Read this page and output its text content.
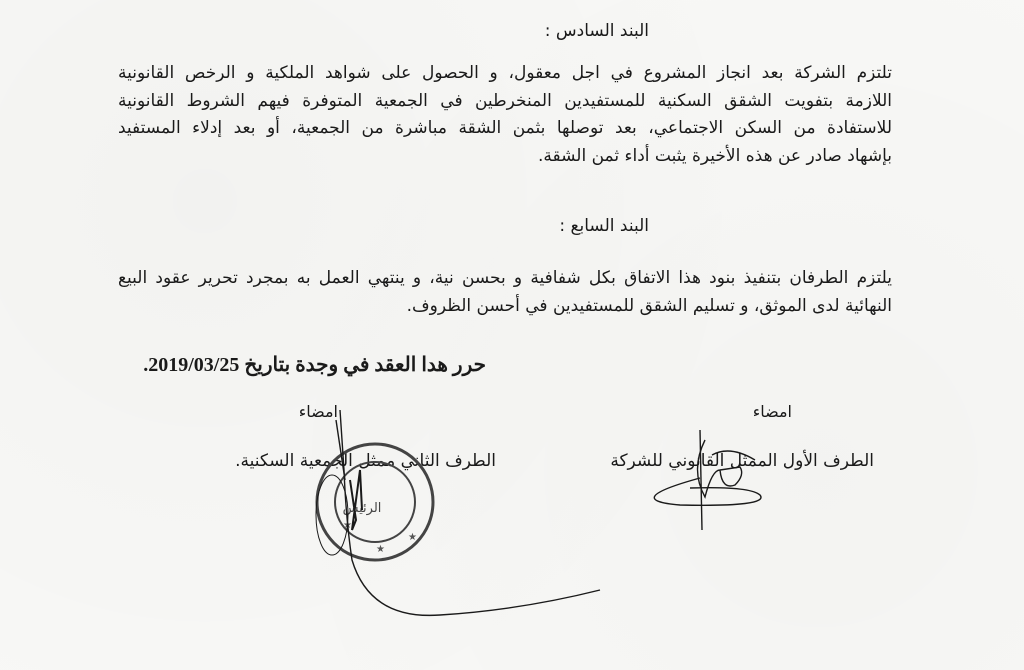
البند السادس :
تلتزم الشركة بعد انجاز المشروع في اجل معقول، و الحصول على شواهد الملكية و الرخص القانونية
اللازمة بتفويت الشقق السكنية للمستفيدين المنخرطين في الجمعية المتوفرة فيهم الشروط القانونية
للاستفادة من السكن الاجتماعي، بعد توصلها بثمن الشقة مباشرة من الجمعية، أو بعد إدلاء المستفيد
بإشهاد صادر عن هذه الأخيرة يثبت أداء ثمن الشقة.
البند السابع :
يلتزم الطرفان بتنفيذ بنود هذا الاتفاق بكل شفافية و بحسن نية، و ينتهي العمل به بمجرد تحرير عقود البيع
النهائية لدى الموثق، و تسليم الشقق للمستفيدين في أحسن الظروف.
حرر هدا العقد في وجدة بتاريخ 2019/03/25.
امضاء	امضاء
الطرف الأول الممثل القانوني للشركة
الطرف الثاني ممثل الجمعية السكنية.
الرئيس
★
★
★
